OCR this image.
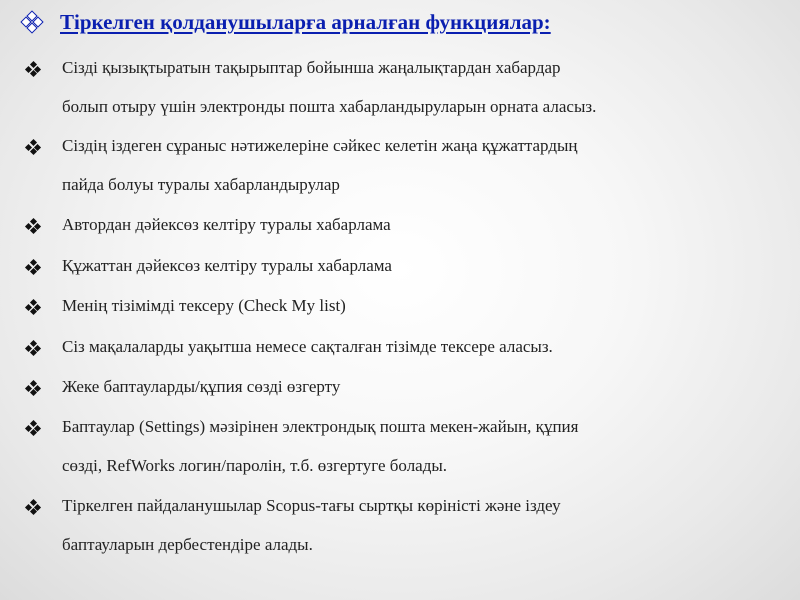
Тіркелген қолданушыларға арналған функциялар:
Сізді қызықтыратын тақырыптар бойынша жаңалықтардан хабардар
болып отыру үшін электронды пошта хабарландыруларын орната аласыз.
Сіздің іздеген сұраныс нәтижелеріне сәйкес келетін жаңа құжаттардың
пайда болуы туралы хабарландырулар
Автордан дәйексөз келтіру туралы хабарлама
Құжаттан дәйексөз келтіру туралы хабарлама
Менің тізімімді тексеру (Check My list)
Сіз мақалаларды уақытша немесе сақталған тізімде тексере аласыз.
Жеке баптауларды/құпия сөзді өзгерту
Баптаулар (Settings) мәзірінен электрондық пошта мекен-жайын, құпия
сөзді, RefWorks логин/паролін, т.б. өзгертуге болады.
Тіркелген пайдаланушылар Scopus-тағы сыртқы көріністі және іздеу
баптауларын дербестендіре алады.
